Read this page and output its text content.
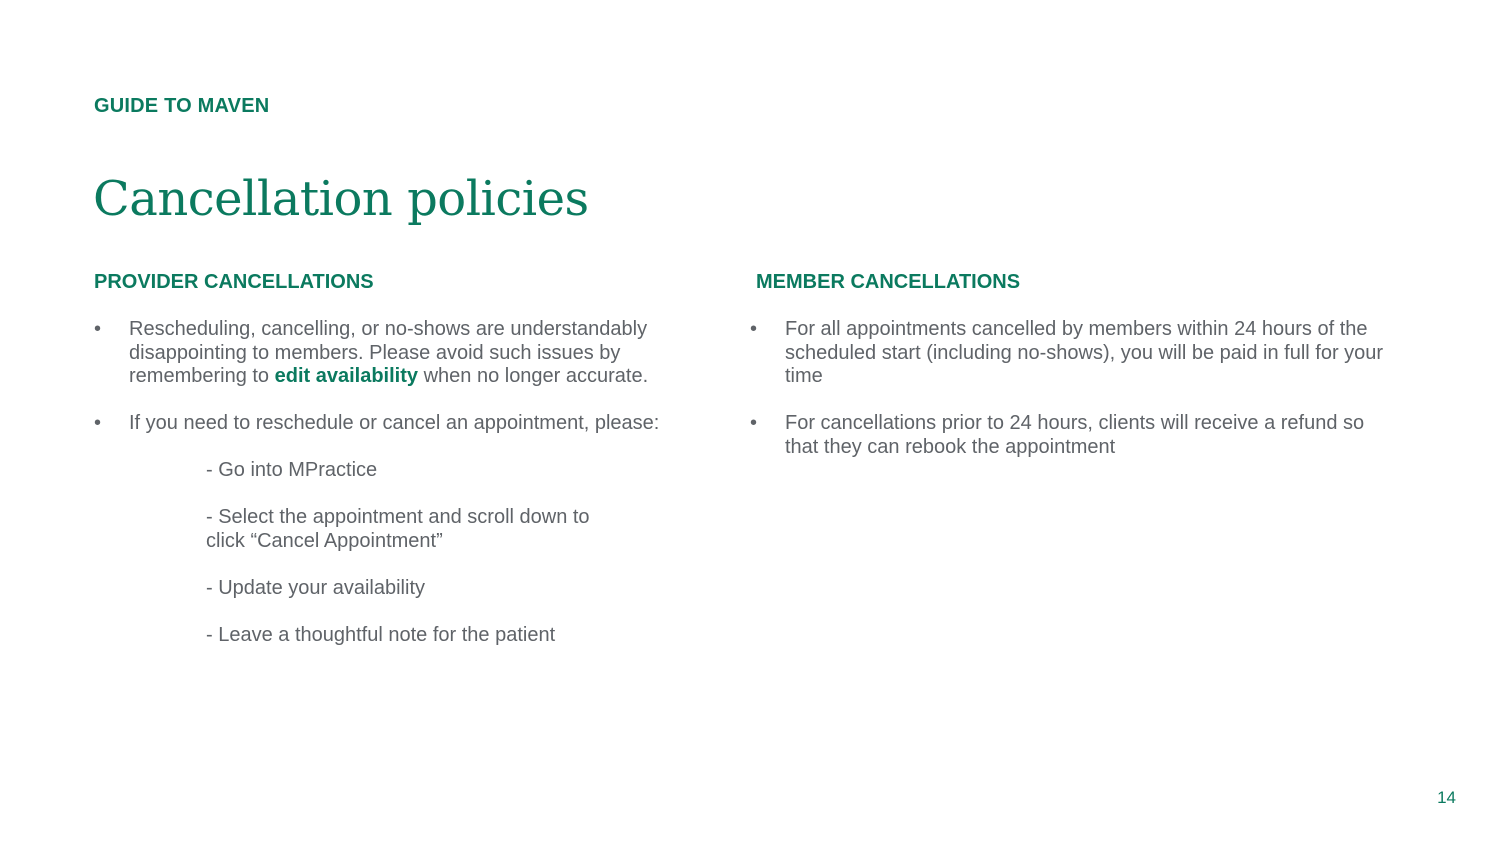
GUIDE TO MAVEN

Cancellation policies
PROVIDER CANCELLATIONS	MEMBER CANCELLATIONS
• Rescheduling, cancelling, or no-shows are understandably disappointing to members. Please avoid such issues by remembering to edit availability when no longer accurate.
• If you need to reschedule or cancel an appointment, please:
- Go into MPractice
- Select the appointment and scroll down to
click “Cancel Appointment”
- Update your availability
- Leave a thoughtful note for the patient
• For all appointments cancelled by members within 24 hours of the scheduled start (including no-shows), you will be paid in full for your time
• For cancellations prior to 24 hours, clients will receive a refund so that they can rebook the appointment

14
